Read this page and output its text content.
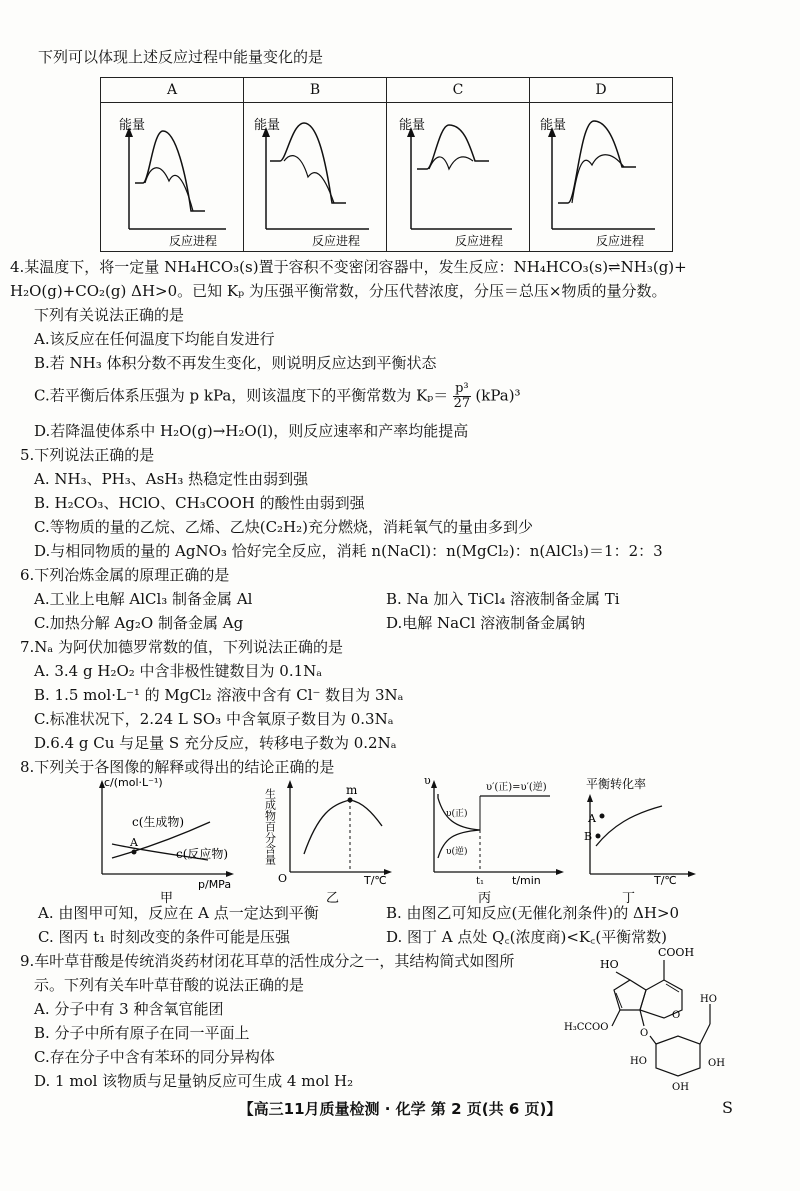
下列可以体现上述反应过程中能量变化的是
A	B	C	D

能量
反应进程	能量
反应进程	能量
反应进程	能量
反应进程
4.某温度下，将一定量 NH₄HCO₃(s)置于容积不变密闭容器中，发生反应：NH₄HCO₃(s)⇌NH₃(g)+
H₂O(g)+CO₂(g) ΔH>0。已知 Kₚ 为压强平衡常数，分压代替浓度，分压＝总压×物质的量分数。
下列有关说法正确的是
A.该反应在任何温度下均能自发进行
B.若 NH₃ 体积分数不再发生变化，则说明反应达到平衡状态
C.若平衡后体系压强为 p kPa，则该温度下的平衡常数为 $K_p= \frac{\text{p³}}{27} (kPa)^3$
D.若降温使体系中 H₂O(g)→H₂O(l)，则反应速率和产率均能提高
5.下列说法正确的是
A. NH₃、PH₃、AsH₃ 热稳定性由弱到强
B. H₂CO₃、HClO、CH₃COOH 的酸性由弱到强
C.等物质的量的乙烷、乙烯、乙炔(C₂H₂)充分燃烧，消耗氧气的量由多到少
D.与相同物质的量的 AgNO₃ 恰好完全反应，消耗 n(NaCl)：n(MgCl₂)：n(AlCl₃)＝1：2：3
6.下列冶炼金属的原理正确的是
A.工业上电解 AlCl₃ 制备金属 Al	B. Na 加入 TiCl₄ 溶液制备金属 Ti
C.加热分解 Ag₂O 制备金属 Ag	D.电解 NaCl 溶液制备金属钠
7.Nₐ 为阿伏加德罗常数的值，下列说法正确的是
A. 3.4 g H₂O₂ 中含非极性键数目为 0.1Nₐ
B. 1.5 mol·L⁻¹ 的 MgCl₂ 溶液中含有 Cl⁻ 数目为 3Nₐ
C.标准状况下，2.24 L SO₃ 中含氧原子数目为 0.3Nₐ
D.6.4 g Cu 与足量 S 充分反应，转移电子数为 0.2Nₐ
8.下列关于各图像的解释或得出的结论正确的是
c/(mol·L⁻¹)
A
c(生成物)
c(反应物)
p/MPa
甲
生成物百分含量	m
O	T/℃
乙
υ
υ′(正)=υ′(逆)
υ(正)
υ(逆)
t₁	t/min
丙
平衡转化率
A
B
T/℃
丁
A. 由图甲可知，反应在 A 点一定达到平衡	B. 由图乙可知反应(无催化剂条件)的 ΔH>0
C. 图丙 t₁ 时刻改变的条件可能是压强	D. 图丁 A 点处 Q꜀(浓度商)<K꜀(平衡常数)
9.车叶草苷酸是传统消炎药材闭花耳草的活性成分之一，其结构简式如图所
示。下列有关车叶草苷酸的说法正确的是
A. 分子中有 3 种含氧官能团
B. 分子中所有原子在同一平面上
C.存在分子中含有苯环的同分异构体
D. 1 mol 该物质与足量钠反应可生成 4 mol H₂
COOH
HO
O
H₃CCOO
O
HO
HO	OH
OH
【高三11月质量检测 · 化学 第 2 页(共 6 页)】	S
